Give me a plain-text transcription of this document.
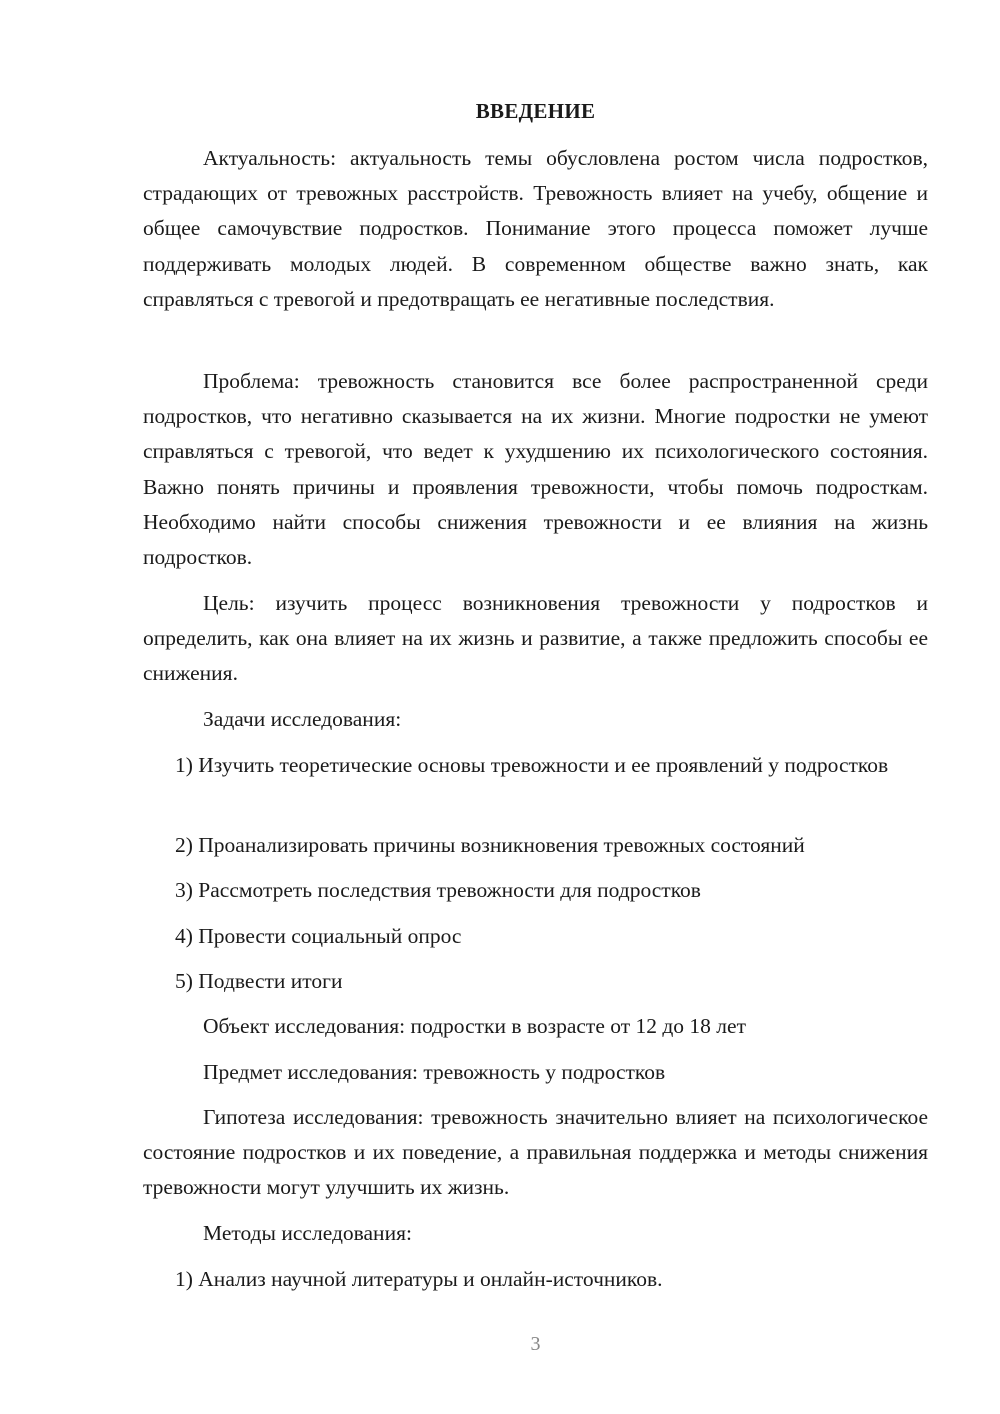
ВВЕДЕНИЕ

Актуальность: актуальность темы обусловлена ростом числа подростков, страдающих от тревожных расстройств. Тревожность влияет на учебу, общение и общее самочувствие подростков. Понимание этого процесса поможет лучше поддерживать молодых людей. В современном обществе важно знать, как справляться с тревогой и предотвращать ее негативные последствия.

Проблема: тревожность становится все более распространенной среди подростков, что негативно сказывается на их жизни. Многие подростки не умеют справляться с тревогой, что ведет к ухудшению их психологического состояния. Важно понять причины и проявления тревожности, чтобы помочь подросткам. Необходимо найти способы снижения тревожности и ее влияния на жизнь подростков.

Цель: изучить процесс возникновения тревожности у подростков и определить, как она влияет на их жизнь и развитие, а также предложить способы ее снижения.

Задачи исследования:

1) Изучить теоретические основы тревожности и ее проявлений у подростков

2) Проанализировать причины возникновения тревожных состояний

3) Рассмотреть последствия тревожности для подростков

4) Провести социальный опрос

5) Подвести итоги

Объект исследования: подростки в возрасте от 12 до 18 лет

Предмет исследования: тревожность у подростков

Гипотеза исследования: тревожность значительно влияет на психологическое состояние подростков и их поведение, а правильная поддержка и методы снижения тревожности могут улучшить их жизнь.

Методы исследования:

1) Анализ научной литературы и онлайн-источников.

3
